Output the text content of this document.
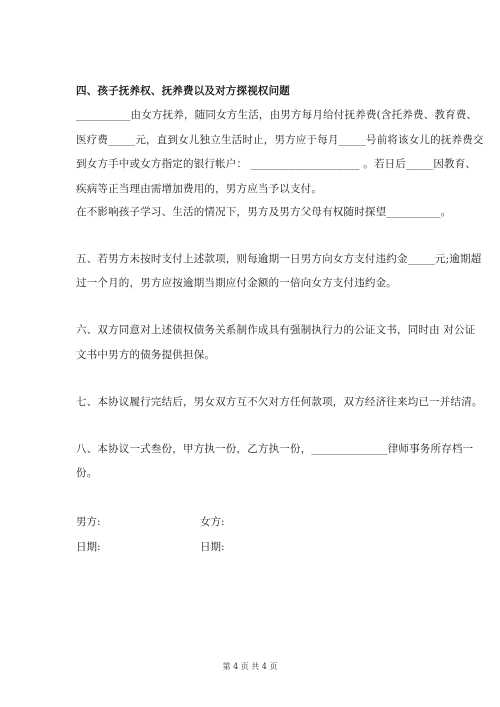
四、孩子抚养权、抚养费以及对方探视权问题
__________由女方抚养，随同女方生活，由男方每月给付抚养费(含托养费、教育费、
医疗费_____元，直到女儿独立生活时止，男方应于每月_____号前将该女儿的抚养费交
到女方手中或女方指定的银行帐户： ____________________ 。若日后_____因教育、
疾病等正当理由需增加费用的，男方应当予以支付。
在不影响孩子学习、生活的情况下，男方及男方父母有权随时探望__________。
五、若男方未按时支付上述款项，则每逾期一日男方向女方支付违约金_____元;逾期超
过一个月的，男方应按逾期当期应付金额的一倍向女方支付违约金。
六、双方同意对上述债权债务关系制作成具有强制执行力的公证文书，同时由 对公证
文书中男方的债务提供担保。
七、本协议履行完结后，男女双方互不欠对方任何款项，双方经济往来均已一并结清。
八、本协议一式叁份，甲方执一份，乙方执一份，______________律师事务所存档一
份。
男方:	女方:
日期:	日期:
第 4 页 共 4 页
